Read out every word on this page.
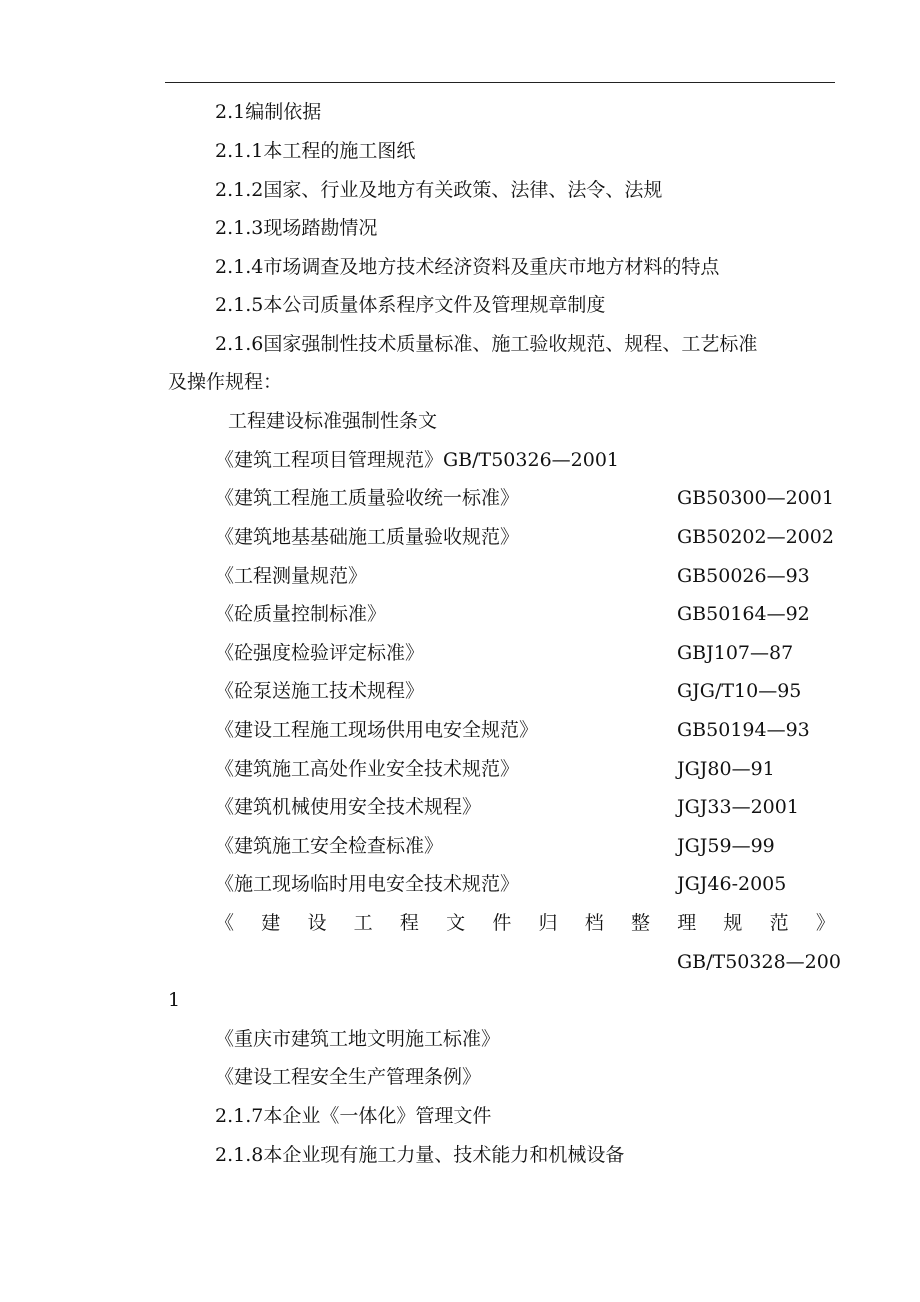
2.1编制依据
2.1.1本工程的施工图纸
2.1.2国家、行业及地方有关政策、法律、法令、法规
2.1.3现场踏勘情况
2.1.4市场调查及地方技术经济资料及重庆市地方材料的特点
2.1.5本公司质量体系程序文件及管理规章制度
2.1.6国家强制性技术质量标准、施工验收规范、规程、工艺标准
及操作规程：
工程建设标准强制性条文
《建筑工程项目管理规范》GB/T50326—2001
《建筑工程施工质量验收统一标准》	GB50300—2001
《建筑地基基础施工质量验收规范》	GB50202—2002
《工程测量规范》	GB50026—93
《砼质量控制标准》	GB50164—92
《砼强度检验评定标准》	GBJ107—87
《砼泵送施工技术规程》	GJG/T10—95
《建设工程施工现场供用电安全规范》	GB50194—93
《建筑施工高处作业安全技术规范》	JGJ80—91
《建筑机械使用安全技术规程》	JGJ33—2001
《建筑施工安全检查标准》	JGJ59—99
《施工现场临时用电安全技术规范》	JGJ46-2005
《 建 设 工 程 文 件 归 档 整 理 规 范 》
GB/T50328—200
1
《重庆市建筑工地文明施工标准》
《建设工程安全生产管理条例》
2.1.7本企业《一体化》管理文件
2.1.8本企业现有施工力量、技术能力和机械设备
